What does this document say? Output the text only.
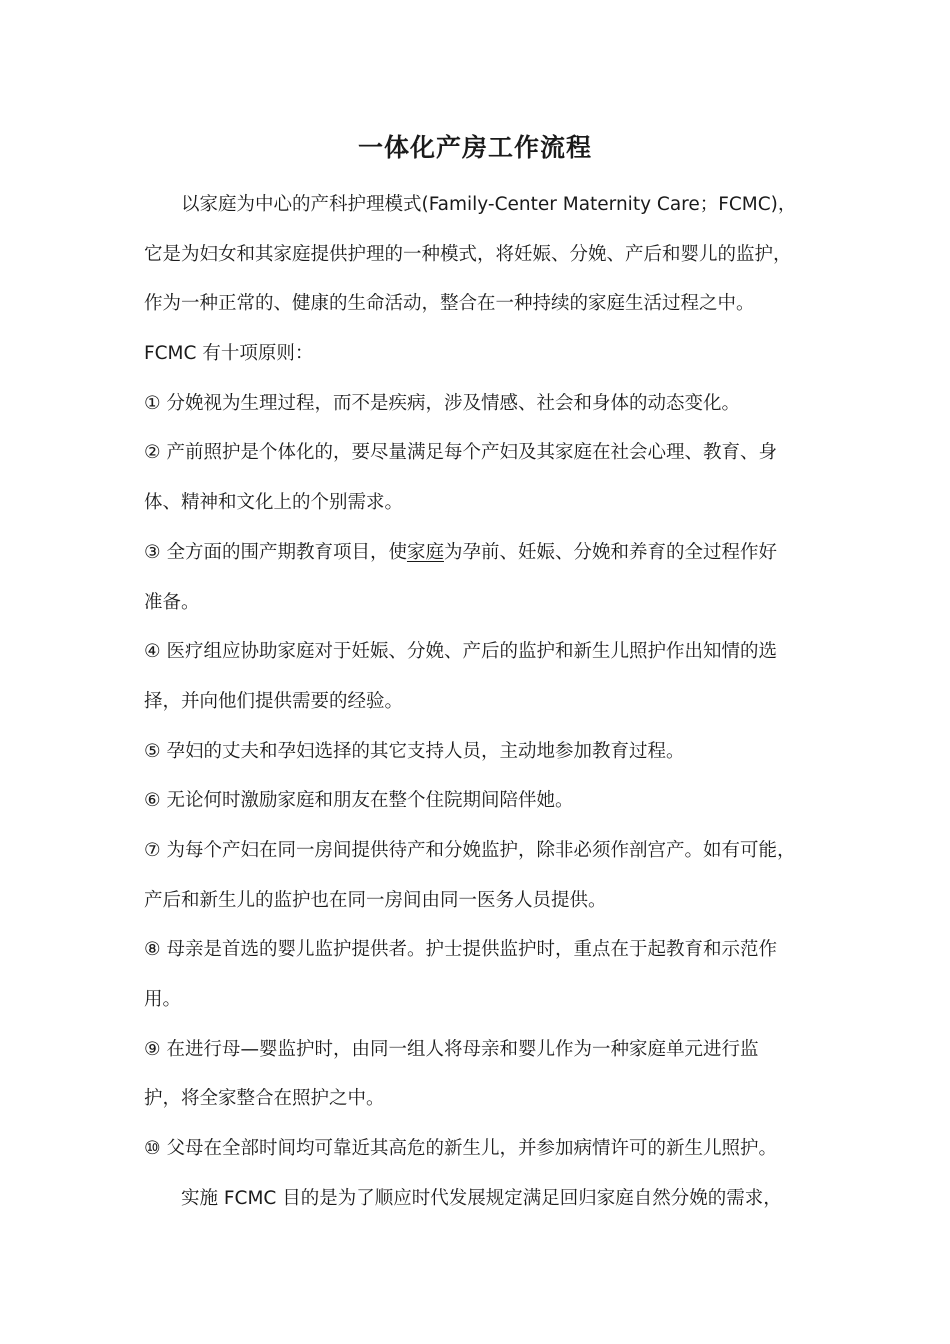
一体化产房工作流程
以家庭为中心的产科护理模式(Family-Center Maternity Care；FCMC)，
它是为妇女和其家庭提供护理的一种模式，将妊娠、分娩、产后和婴儿的监护，
作为一种正常的、健康的生命活动，整合在一种持续的家庭生活过程之中。
FCMC 有十项原则：
① 分娩视为生理过程，而不是疾病，涉及情感、社会和身体的动态变化。
② 产前照护是个体化的，要尽量满足每个产妇及其家庭在社会心理、教育、身
体、精神和文化上的个别需求。
③ 全方面的围产期教育项目，使家庭为孕前、妊娠、分娩和养育的全过程作好
准备。
④ 医疗组应协助家庭对于妊娠、分娩、产后的监护和新生儿照护作出知情的选
择，并向他们提供需要的经验。
⑤ 孕妇的丈夫和孕妇选择的其它支持人员，主动地参加教育过程。
⑥ 无论何时激励家庭和朋友在整个住院期间陪伴她。
⑦ 为每个产妇在同一房间提供待产和分娩监护，除非必须作剖宫产。如有可能，
产后和新生儿的监护也在同一房间由同一医务人员提供。
⑧ 母亲是首选的婴儿监护提供者。护士提供监护时，重点在于起教育和示范作
用。
⑨ 在进行母—婴监护时，由同一组人将母亲和婴儿作为一种家庭单元进行监
护，将全家整合在照护之中。
⑩ 父母在全部时间均可靠近其高危的新生儿，并参加病情许可的新生儿照护。
实施 FCMC 目的是为了顺应时代发展规定满足回归家庭自然分娩的需求，
